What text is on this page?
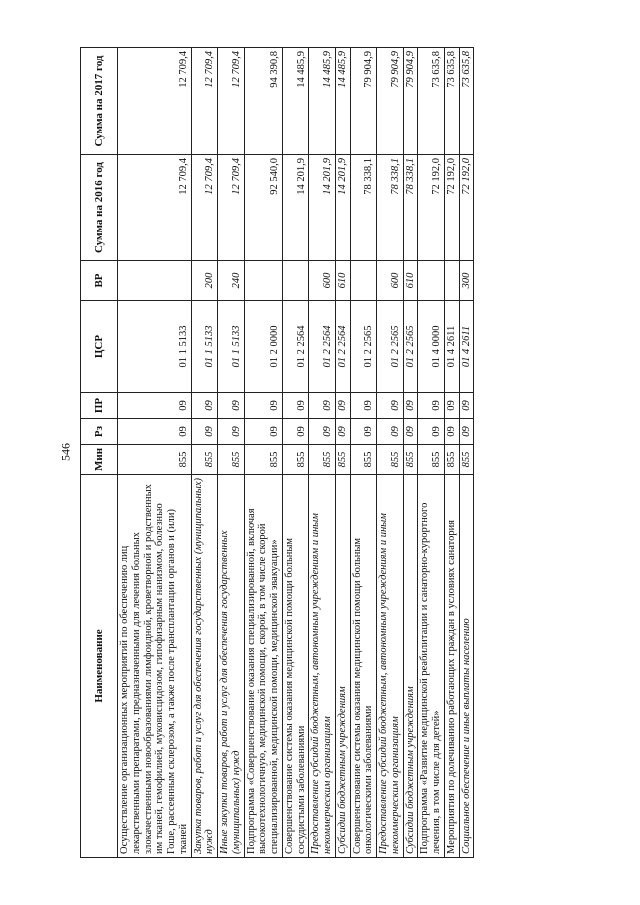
546
Наименование	Мин	Рз	ПР	ЦСР	ВР	Сумма на 2016 год	Сумма на 2017 год
Осуществление организационных мероприятий по обеспечению лиц лекарственными препаратами, предназначенными для лечения больных злокачественными новообразованиями лимфоидной, кроветворной и родственных им тканей, гемофилией, муковисцидозом, гипофизарным нанизмом, болезнью Гоше, рассеянным склерозом, а также после трансплантации органов и (или) тканей	855	09	09	01 1 5133		12 709,4	12 709,4
Закупка товаров, работ и услуг для обеспечения государственных (муниципальных) нужд	855	09	09	01 1 5133	200	12 709,4	12 709,4
Иные закупки товаров, работ и услуг для обеспечения государственных (муниципальных) нужд	855	09	09	01 1 5133	240	12 709,4	12 709,4
Подпрограмма «Совершенствование оказания специализированной, включая высокотехнологичную, медицинской помощи, скорой, в том числе скорой специализированной, медицинской помощи, медицинской эвакуации»	855	09	09	01 2 0000		92 540,0	94 390,8
Совершенствование системы оказания медицинской помощи больным сосудистыми заболеваниями	855	09	09	01 2 2564		14 201,9	14 485,9
Предоставление субсидий бюджетным, автономным учреждениям и иным некоммерческим организациям	855	09	09	01 2 2564	600	14 201,9	14 485,9
Субсидии бюджетным учреждениям	855	09	09	01 2 2564	610	14 201,9	14 485,9
Совершенствование системы оказания медицинской помощи больным онкологическими заболеваниями	855	09	09	01 2 2565		78 338,1	79 904,9
Предоставление субсидий бюджетным, автономным учреждениям и иным некоммерческим организациям	855	09	09	01 2 2565	600	78 338,1	79 904,9
Субсидии бюджетным учреждениям	855	09	09	01 2 2565	610	78 338,1	79 904,9
Подпрограмма «Развитие медицинской реабилитации и санаторно-курортного лечения, в том числе для детей»	855	09	09	01 4 0000		72 192,0	73 635,8
Мероприятия по долечиванию работающих граждан в условиях санатория	855	09	09	01 4 2611		72 192,0	73 635,8
Социальное обеспечение и иные выплаты населению	855	09	09	01 4 2611	300	72 192,0	73 635,8
